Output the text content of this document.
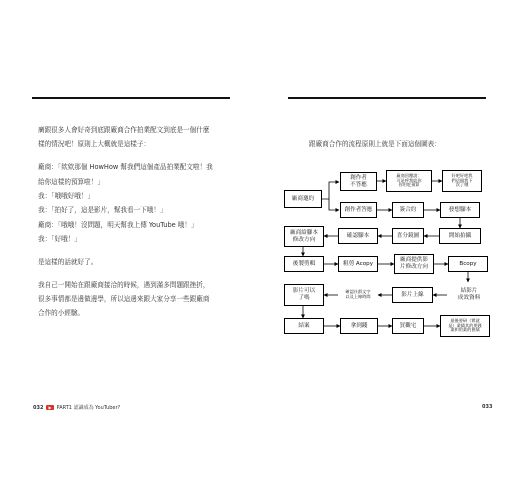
廣跟很多人會好奇到底跟廠商合作拍業配文到底是一個什麼
樣的情況吧！原則上大概就是這樣子：
廠商：「欸欸那個 HowHow 幫我們這個產品拍業配文啦！我
給你這樣的預算啦！」
我：「哦哦好哦！」
我：「拍好了，這是影片，幫我看一下哦！」
廠商：「哦哦！沒問題，明天幫我上傳 YouTube 哦！」
我：「好哦！」
是這樣的話就好了。
我自己一開始在跟廠商接洽的時候，遇到滿多問題跟挫折，
很多事情都是邊做邊學，所以這邊來跟大家分享一些跟廠商
合作的小經驗。
032 ▶ PART1 認識成為 YouTuber?
跟廠商合作的流程原則上就是下面這個圖表：
廠商邀約
創作者
不答應
廠商回覆說：
可是呼我給你
你用吃預算
好吧好吧我
們這個我下
次了哦
創作者答應	簽合約	發想腳本
廠商給腳本
修改方向
確認腳本	喜分鏡圖	開始拍攝
後製剪輯	粗剪 Acopy
廠商提供影
片修改方向
Bcopy
影片可以
了嗎
確認社群文字
以及上線時間	影片上線
結影片
成效資料
結案	拿到錢	買觀宅
最後要研（實就
是）業績其的要錢
業和的業的會績
033
